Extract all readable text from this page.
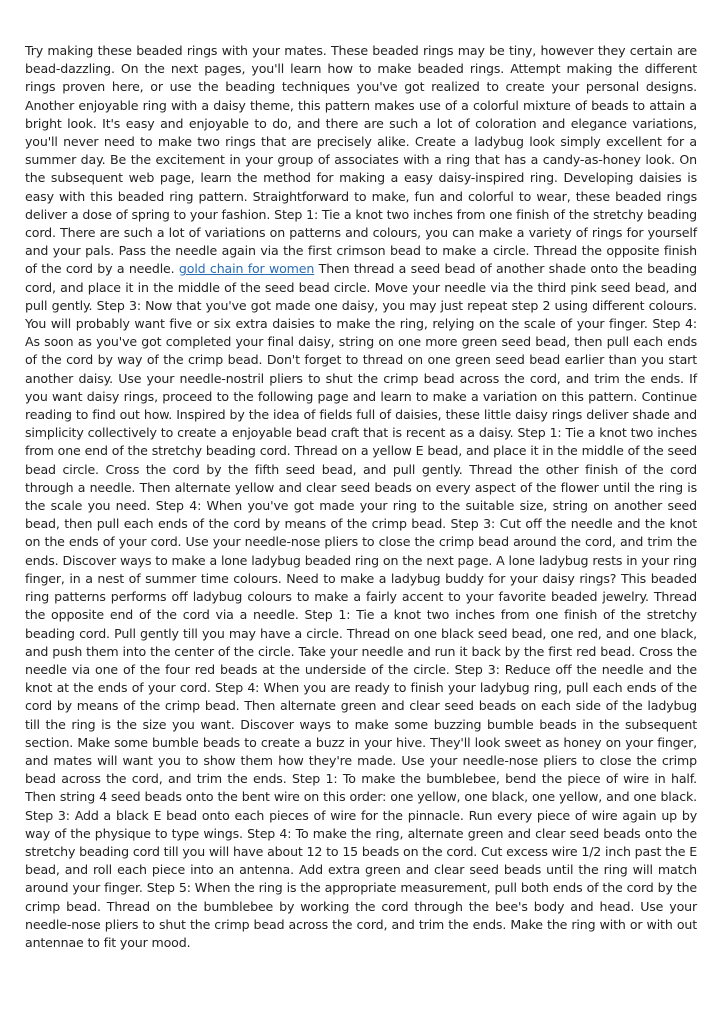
Try making these beaded rings with your mates. These beaded rings may be tiny, however they certain are bead-dazzling. On the next pages, you'll learn how to make beaded rings. Attempt making the different rings proven here, or use the beading techniques you've got realized to create your personal designs. Another enjoyable ring with a daisy theme, this pattern makes use of a colorful mixture of beads to attain a bright look. It's easy and enjoyable to do, and there are such a lot of coloration and elegance variations, you'll never need to make two rings that are precisely alike. Create a ladybug look simply excellent for a summer day. Be the excitement in your group of associates with a ring that has a candy-as-honey look. On the subsequent web page, learn the method for making a easy daisy-inspired ring. Developing daisies is easy with this beaded ring pattern. Straightforward to make, fun and colorful to wear, these beaded rings deliver a dose of spring to your fashion. Step 1: Tie a knot two inches from one finish of the stretchy beading cord. There are such a lot of variations on patterns and colours, you can make a variety of rings for yourself and your pals. Pass the needle again via the first crimson bead to make a circle. Thread the opposite finish of the cord by a needle. gold chain for women Then thread a seed bead of another shade onto the beading cord, and place it in the middle of the seed bead circle. Move your needle via the third pink seed bead, and pull gently. Step 3: Now that you've got made one daisy, you may just repeat step 2 using different colours. You will probably want five or six extra daisies to make the ring, relying on the scale of your finger. Step 4: As soon as you've got completed your final daisy, string on one more green seed bead, then pull each ends of the cord by way of the crimp bead. Don't forget to thread on one green seed bead earlier than you start another daisy. Use your needle-nostril pliers to shut the crimp bead across the cord, and trim the ends. If you want daisy rings, proceed to the following page and learn to make a variation on this pattern. Continue reading to find out how. Inspired by the idea of fields full of daisies, these little daisy rings deliver shade and simplicity collectively to create a enjoyable bead craft that is recent as a daisy. Step 1: Tie a knot two inches from one end of the stretchy beading cord. Thread on a yellow E bead, and place it in the middle of the seed bead circle. Cross the cord by the fifth seed bead, and pull gently. Thread the other finish of the cord through a needle. Then alternate yellow and clear seed beads on every aspect of the flower until the ring is the scale you need. Step 4: When you've got made your ring to the suitable size, string on another seed bead, then pull each ends of the cord by means of the crimp bead. Step 3: Cut off the needle and the knot on the ends of your cord. Use your needle-nose pliers to close the crimp bead around the cord, and trim the ends. Discover ways to make a lone ladybug beaded ring on the next page. A lone ladybug rests in your ring finger, in a nest of summer time colours. Need to make a ladybug buddy for your daisy rings? This beaded ring patterns performs off ladybug colours to make a fairly accent to your favorite beaded jewelry. Thread the opposite end of the cord via a needle. Step 1: Tie a knot two inches from one finish of the stretchy beading cord. Pull gently till you may have a circle. Thread on one black seed bead, one red, and one black, and push them into the center of the circle. Take your needle and run it back by the first red bead. Cross the needle via one of the four red beads at the underside of the circle. Step 3: Reduce off the needle and the knot at the ends of your cord. Step 4: When you are ready to finish your ladybug ring, pull each ends of the cord by means of the crimp bead. Then alternate green and clear seed beads on each side of the ladybug till the ring is the size you want. Discover ways to make some buzzing bumble beads in the subsequent section. Make some bumble beads to create a buzz in your hive. They'll look sweet as honey on your finger, and mates will want you to show them how they're made. Use your needle-nose pliers to close the crimp bead across the cord, and trim the ends. Step 1: To make the bumblebee, bend the piece of wire in half. Then string 4 seed beads onto the bent wire on this order: one yellow, one black, one yellow, and one black. Step 3: Add a black E bead onto each pieces of wire for the pinnacle. Run every piece of wire again up by way of the physique to type wings. Step 4: To make the ring, alternate green and clear seed beads onto the stretchy beading cord till you will have about 12 to 15 beads on the cord. Cut excess wire 1/2 inch past the E bead, and roll each piece into an antenna. Add extra green and clear seed beads until the ring will match around your finger. Step 5: When the ring is the appropriate measurement, pull both ends of the cord by the crimp bead. Thread on the bumblebee by working the cord through the bee's body and head. Use your needle-nose pliers to shut the crimp bead across the cord, and trim the ends. Make the ring with or with out antennae to fit your mood.
